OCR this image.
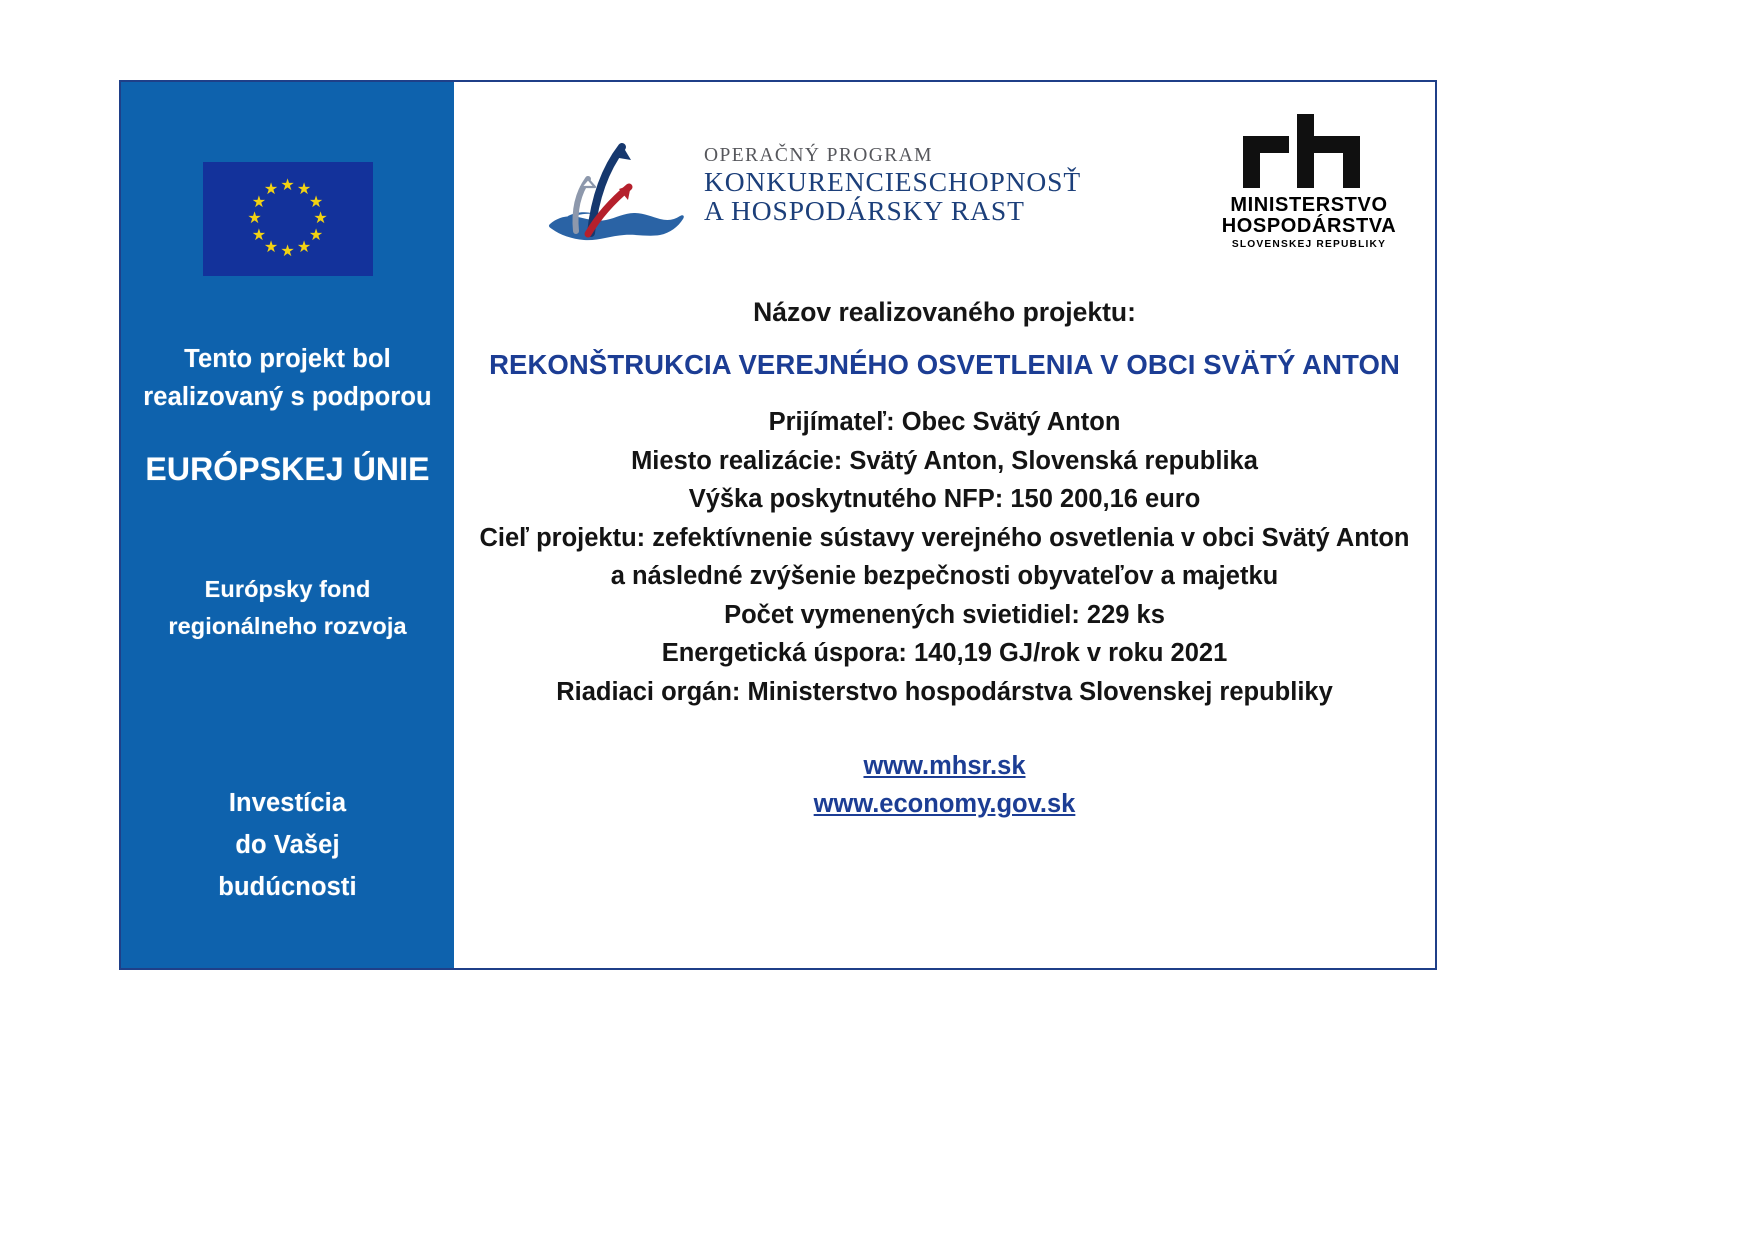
★ ★
★
★
★
★
★
★
★
★
★
★
Tento projekt bol
realizovaný s podporou
EURÓPSKEJ ÚNIE
Európsky fond
regionálneho rozvoja
Investícia
do Vašej
budúcnosti
OPERAČNÝ PROGRAM
KONKURENCIESCHOPNOSŤ
A HOSPODÁRSKY RAST	MINISTERSTVO
HOSPODÁRSTVA
SLOVENSKEJ REPUBLIKY
Názov realizovaného projektu:
REKONŠTRUKCIA VEREJNÉHO OSVETLENIA V OBCI SVÄTÝ ANTON
Prijímateľ: Obec Svätý Anton
Miesto realizácie: Svätý Anton, Slovenská republika
Výška poskytnutého NFP: 150 200,16 euro
Cieľ projektu: zefektívnenie sústavy verejného osvetlenia v obci Svätý Anton
a následné zvýšenie bezpečnosti obyvateľov a majetku
Počet vymenených svietidiel: 229 ks
Energetická úspora: 140,19 GJ/rok v roku 2021
Riadiaci orgán: Ministerstvo hospodárstva Slovenskej republiky
www.mhsr.sk
www.economy.gov.sk
